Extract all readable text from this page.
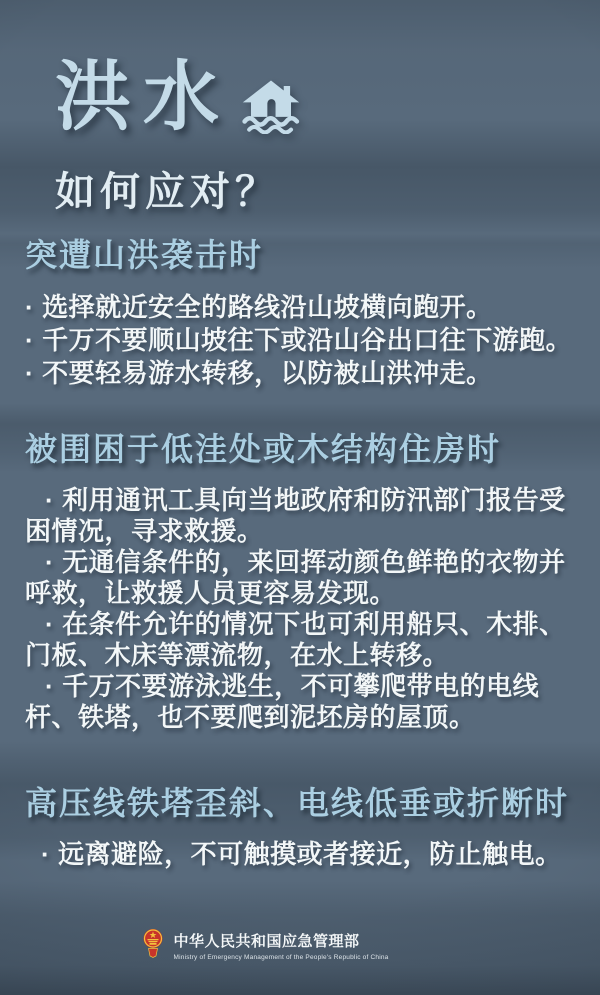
洪水
如何应对？
突遭山洪袭击时

· 选择就近安全的路线沿山坡横向跑开。

· 千万不要顺山坡往下或沿山谷出口往下游跑。

· 不要轻易游水转移，以防被山洪冲走。

被围困于低洼处或木结构住房时

· 利用通讯工具向当地政府和防汛部门报告受困情况，寻求救援。

· 无通信条件的，来回挥动颜色鲜艳的衣物并呼救，让救援人员更容易发现。

· 在条件允许的情况下也可利用船只、木排、门板、木床等漂流物，在水上转移。

· 千万不要游泳逃生，不可攀爬带电的电线杆、铁塔，也不要爬到泥坯房的屋顶。

高压线铁塔歪斜、电线低垂或折断时

· 远离避险，不可触摸或者接近，防止触电。

中华人民共和国应急管理部
Ministry of Emergency Management of the People's Republic of China
